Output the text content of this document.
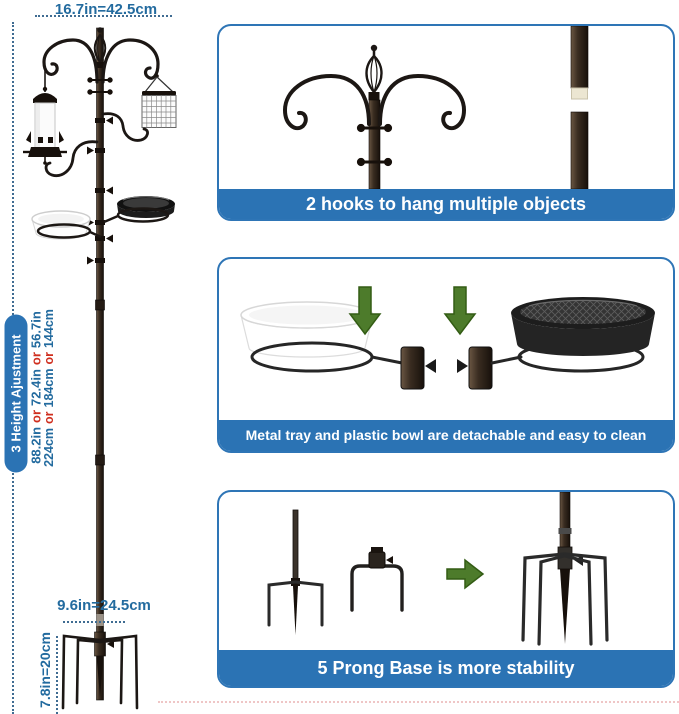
16.7in=42.5cm
3 Height Ajustment 88.2inor72.4inor56.7in
224cmor184cmor144cm
9.6in=24.5cm
7.8in=20cm
2 hooks to hang multiple objects
Metal tray and plastic bowl are detachable and easy to clean
5 Prong Base is more stability
